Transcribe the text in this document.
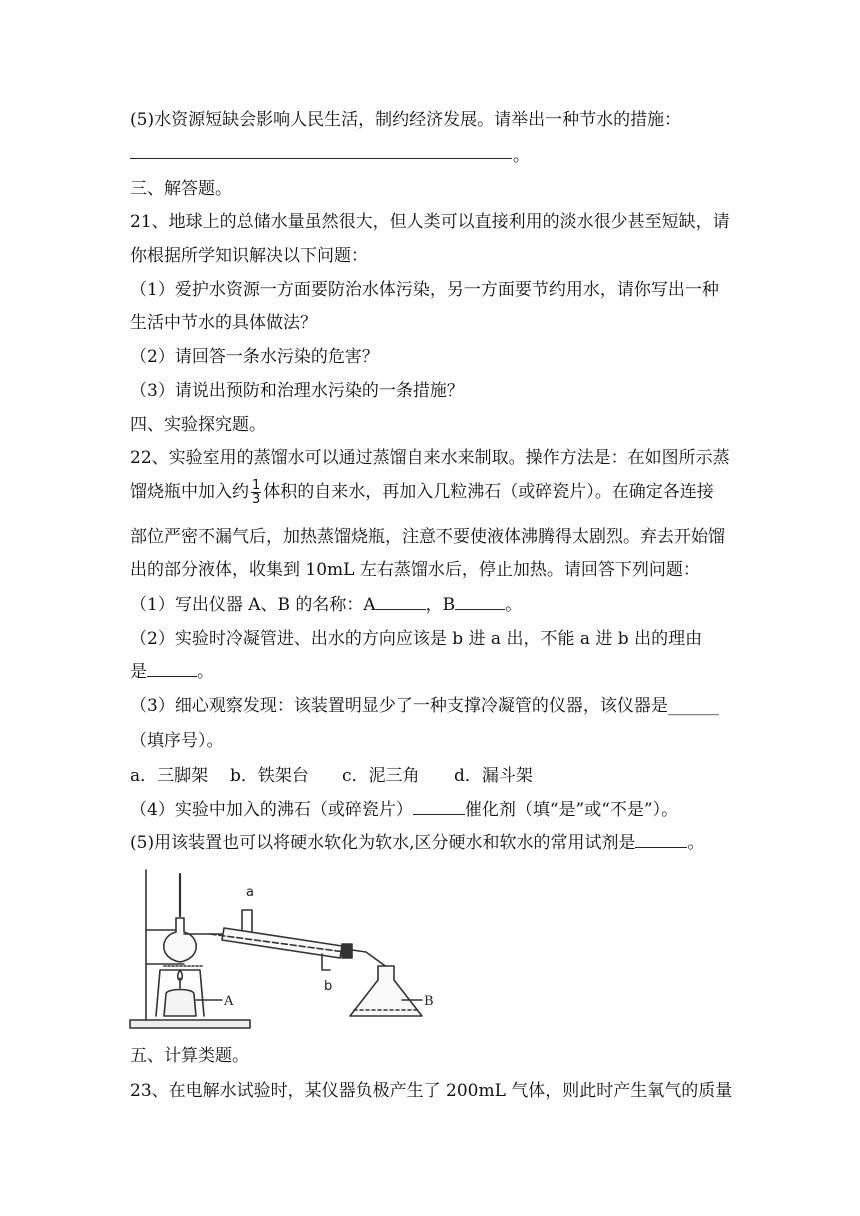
(5)水资源短缺会影响人民生活，制约经济发展。请举出一种节水的措施：
。
三、解答题。
21、地球上的总储水量虽然很大，但人类可以直接利用的淡水很少甚至短缺，请
你根据所学知识解决以下问题：
（1）爱护水资源一方面要防治水体污染，另一方面要节约用水，请你写出一种
生活中节水的具体做法？
（2）请回答一条水污染的危害？
（3）请说出预防和治理水污染的一条措施？
四、实验探究题。
22、实验室用的蒸馏水可以通过蒸馏自来水来制取。操作方法是：在如图所示蒸
馏烧瓶中加入约 $\frac{1}{3}$ 体积的自来水，再加入几粒沸石（或碎瓷片）。在确定各连接
部位严密不漏气后，加热蒸馏烧瓶，注意不要使液体沸腾得太剧烈。弃去开始馏
出的部分液体，收集到 10mL 左右蒸馏水后，停止加热。请回答下列问题：
（1）写出仪器 A、B 的名称：A	，B	。
（2）实验时冷凝管进、出水的方向应该是 b 进 a 出，不能 a 进 b 出的理由
是	。
（3）细心观察发现：该装置明显少了一种支撑冷凝管的仪器，该仪器是______
（填序号）。
a．三脚架 b．铁架台 c．泥三角 d．漏斗架
（4）实验中加入的沸石（或碎瓷片）	催化剂（填“是”或“不是”）。
(5)用该装置也可以将硬水软化为软水,区分硬水和软水的常用试剂是	。
a
b
A	B
五、计算类题。
23、在电解水试验时，某仪器负极产生了 200mL 气体，则此时产生氧气的质量
